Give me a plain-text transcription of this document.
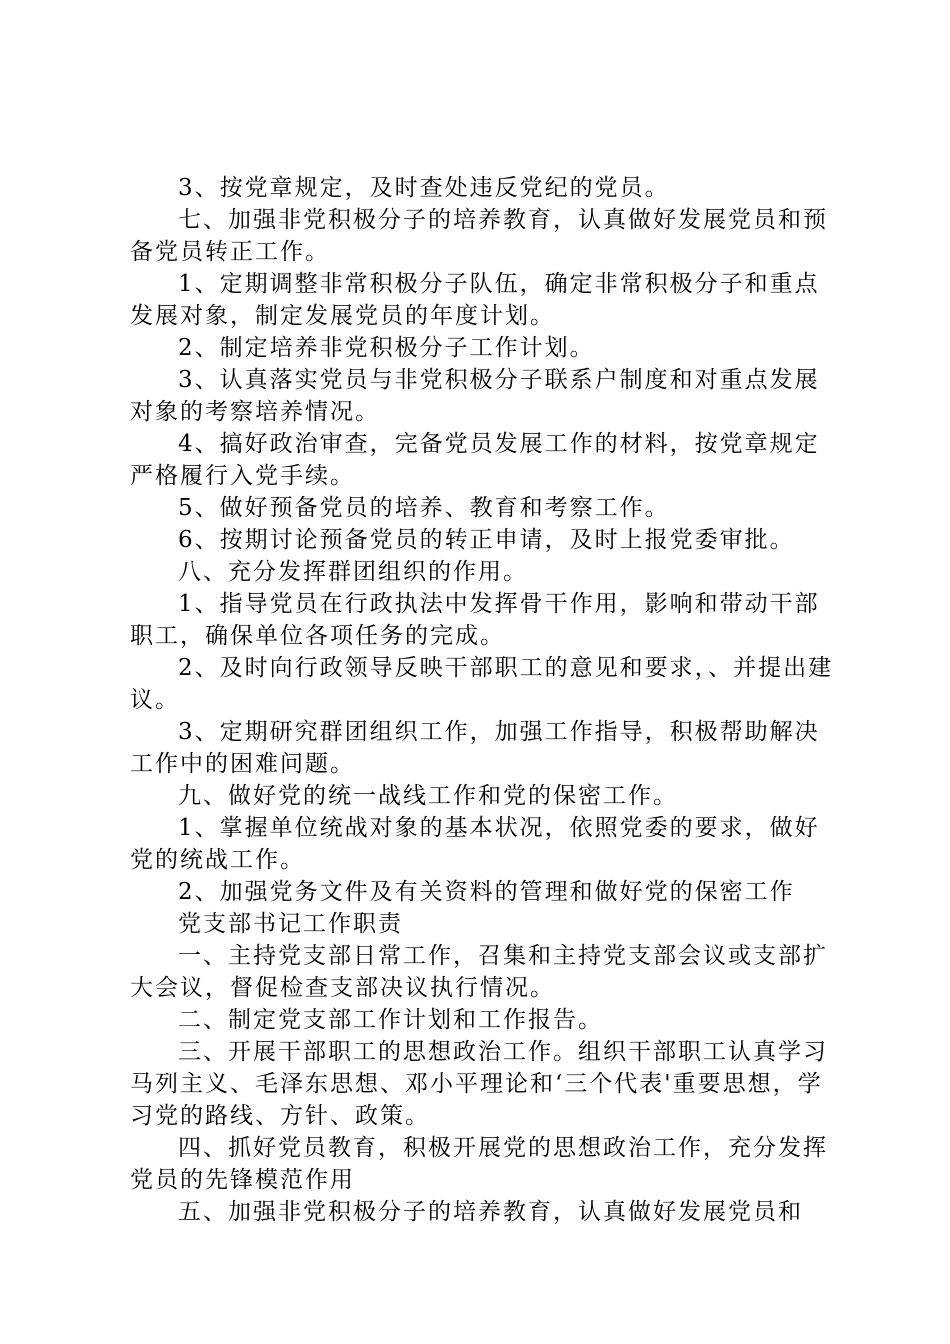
3、按党章规定，及时查处违反党纪的党员。

七、加强非党积极分子的培养教育，认真做好发展党员和预备党员转正工作。

1、定期调整非常积极分子队伍，确定非常积极分子和重点发展对象，制定发展党员的年度计划。

2、制定培养非党积极分子工作计划。

3、认真落实党员与非党积极分子联系户制度和对重点发展对象的考察培养情况。

4、搞好政治审查，完备党员发展工作的材料，按党章规定严格履行入党手续。

5、做好预备党员的培养、教育和考察工作。

6、按期讨论预备党员的转正申请，及时上报党委审批。

八、充分发挥群团组织的作用。

1、指导党员在行政执法中发挥骨干作用，影响和带动干部职工，确保单位各项任务的完成。

2、及时向行政领导反映干部职工的意见和要求，、并提出建议。

3、定期研究群团组织工作，加强工作指导，积极帮助解决工作中的困难问题。

九、做好党的统一战线工作和党的保密工作。

1、掌握单位统战对象的基本状况，依照党委的要求，做好党的统战工作。

2、加强党务文件及有关资料的管理和做好党的保密工作

党支部书记工作职责

一、主持党支部日常工作，召集和主持党支部会议或支部扩大会议，督促检查支部决议执行情况。

二、制定党支部工作计划和工作报告。

三、开展干部职工的思想政治工作。组织干部职工认真学习马列主义、毛泽东思想、邓小平理论和‘三个代表'重要思想，学习党的路线、方针、政策。

四、抓好党员教育，积极开展党的思想政治工作，充分发挥党员的先锋模范作用

五、加强非党积极分子的培养教育，认真做好发展党员和
